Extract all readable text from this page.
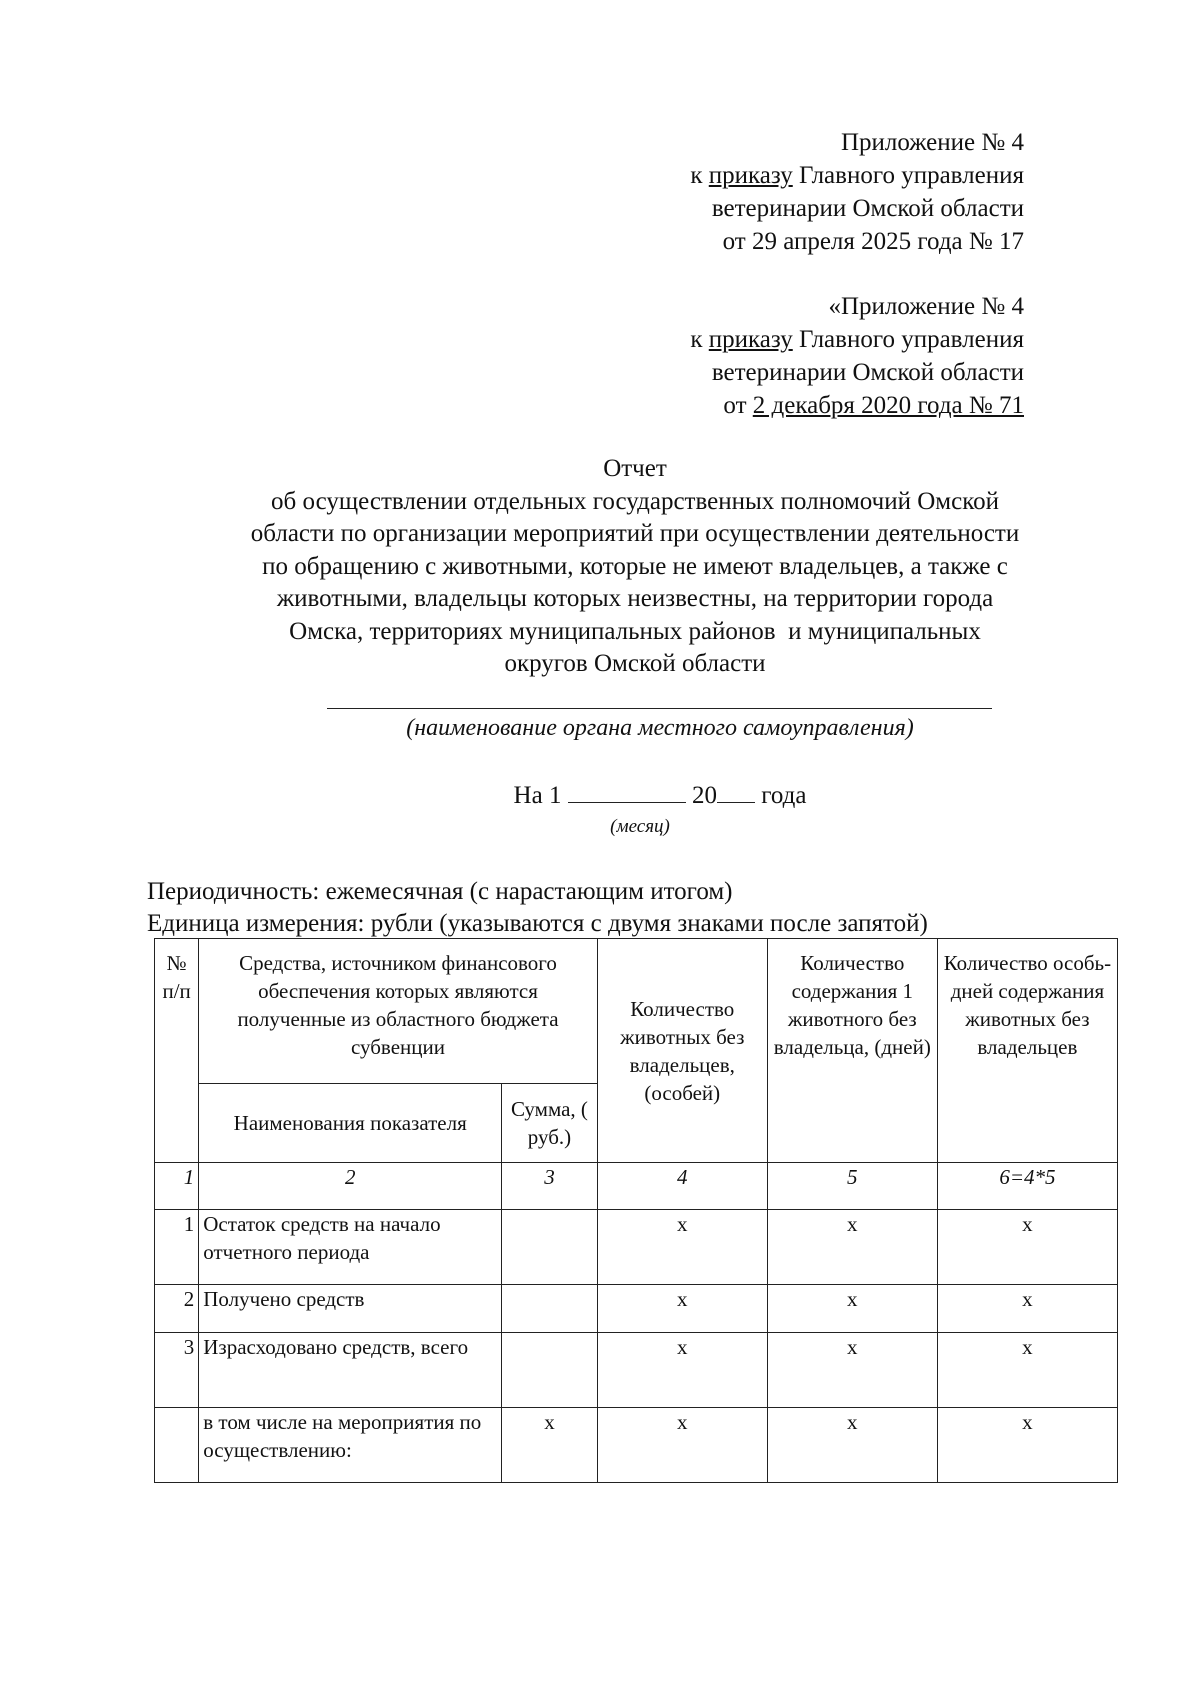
Приложение № 4
к приказу Главного управления
ветеринарии Омской области
от 29 апреля 2025 года № 17
«Приложение № 4
к приказу Главного управления
ветеринарии Омской области
от 2 декабря 2020 года № 71
Отчет
об осуществлении отдельных государственных полномочий Омской
области по организации мероприятий при осуществлении деятельности
по обращению с животными, которые не имеют владельцев, а также с
животными, владельцы которых неизвестны, на территории города
Омска, территориях муниципальных районов  и муниципальных
округов Омской области
(наименование органа местного самоуправления)
На 1	20 года
(месяц)
Периодичность: ежемесячная (с нарастающим итогом)
Единица измерения: рубли (указываются с двумя знаками после запятой)
№ п/п	Средства, источником финансового обеспечения которых являются полученные из областного бюджета субвенции		Количество животных без владельцев, (особей)	Количество содержания 1 животного без владельца, (дней)	Количество особь-дней содержания животных без владельцев
	Наименования показателя	Сумма, ( руб.)			
1	2	3	4	5	6=4*5
1	Остаток средств на начало отчетного периода		x	x	x
2	Получено средств		x	x	x
3	Израсходовано средств, всего		x	x	x
	в том числе на мероприятия по осуществлению:	x	x	x	x
